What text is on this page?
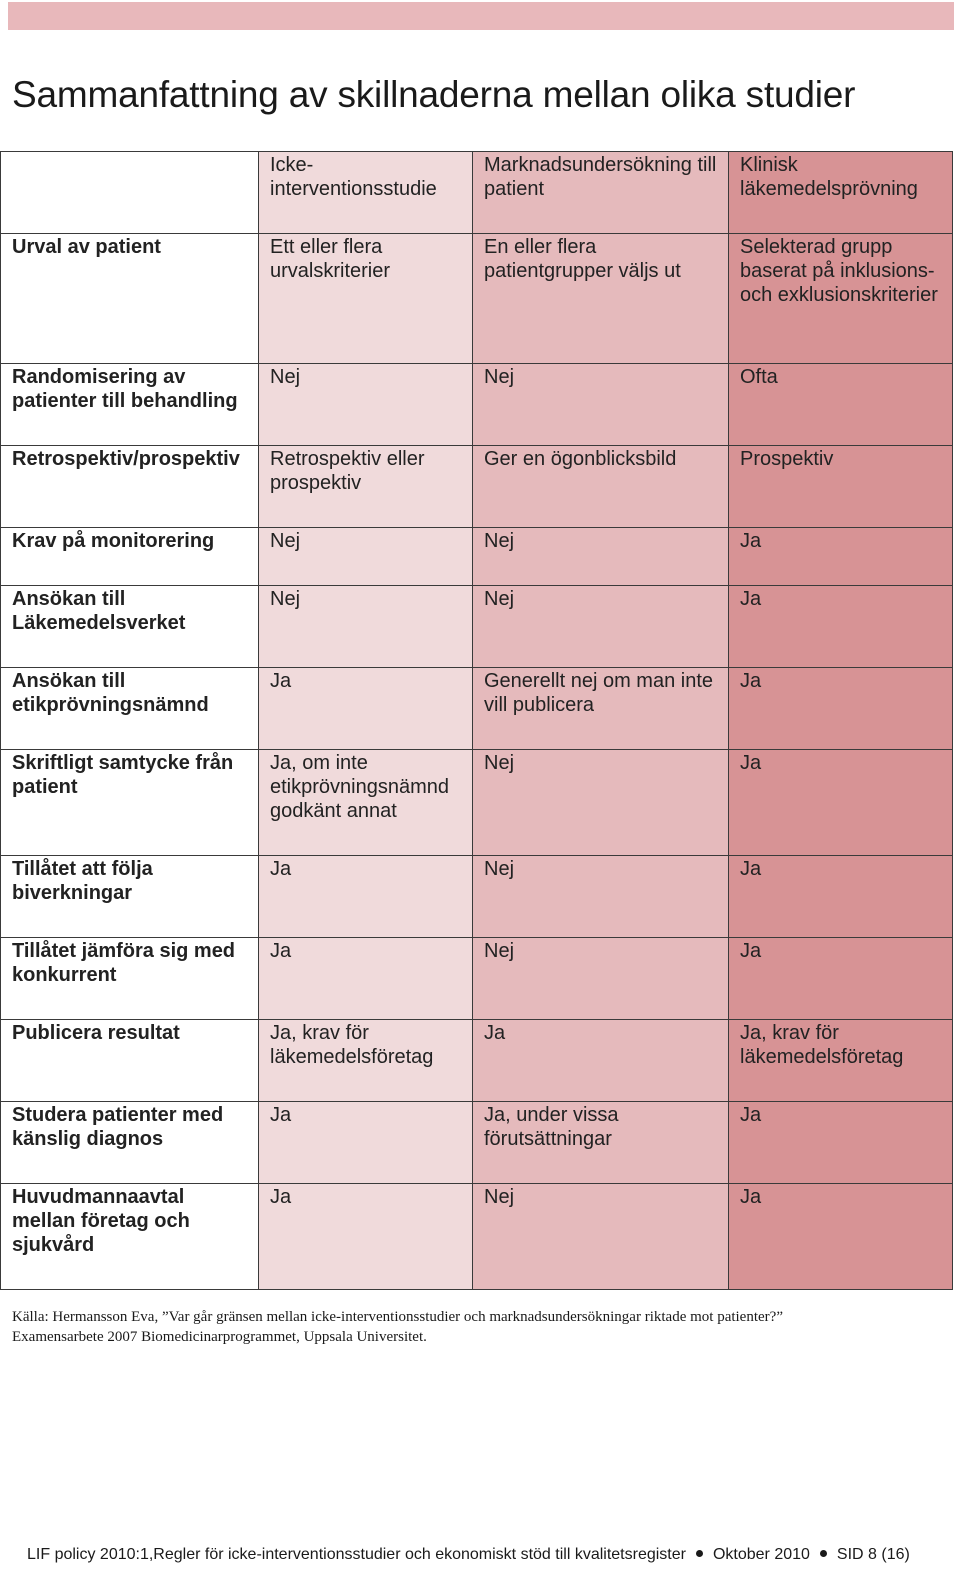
Sammanfattning av skillnaderna mellan olika studier
	Icke-interventionsstudie	Marknadsundersökning till patient	Klinisk läkemedelsprövning
Urval av patient	Ett eller flera urvalskriterier	En eller flera patientgrupper väljs ut	Selekterad grupp baserat på inklusions- och exklusionskriterier
Randomisering av patienter till behandling	Nej	Nej	Ofta
Retrospektiv/prospektiv	Retrospektiv eller prospektiv	Ger en ögonblicksbild	Prospektiv
Krav på monitorering	Nej	Nej	Ja
Ansökan till Läkemedelsverket	Nej	Nej	Ja
Ansökan till etikprövningsnämnd	Ja	Generellt nej om man inte vill publicera	Ja
Skriftligt samtycke från patient	Ja, om inte etikprövningsnämnd godkänt annat	Nej	Ja
Tillåtet att följa biverkningar	Ja	Nej	Ja
Tillåtet jämföra sig med konkurrent	Ja	Nej	Ja
Publicera resultat	Ja, krav för läkemedelsföretag	Ja	Ja, krav för läkemedelsföretag
Studera patienter med känslig diagnos	Ja	Ja, under vissa förutsättningar	Ja
Huvudmannaavtal mellan företag och sjukvård	Ja	Nej	Ja
Källa: Hermansson Eva, ”Var går gränsen mellan icke-interventionsstudier och marknadsundersökningar riktade mot patienter?”
Examensarbete 2007 Biomedicinarprogrammet, Uppsala Universitet.
LIF policy 2010:1,Regler för icke-interventionsstudier och ekonomiskt stöd till kvalitetsregister Oktober 2010 SID 8 (16)
